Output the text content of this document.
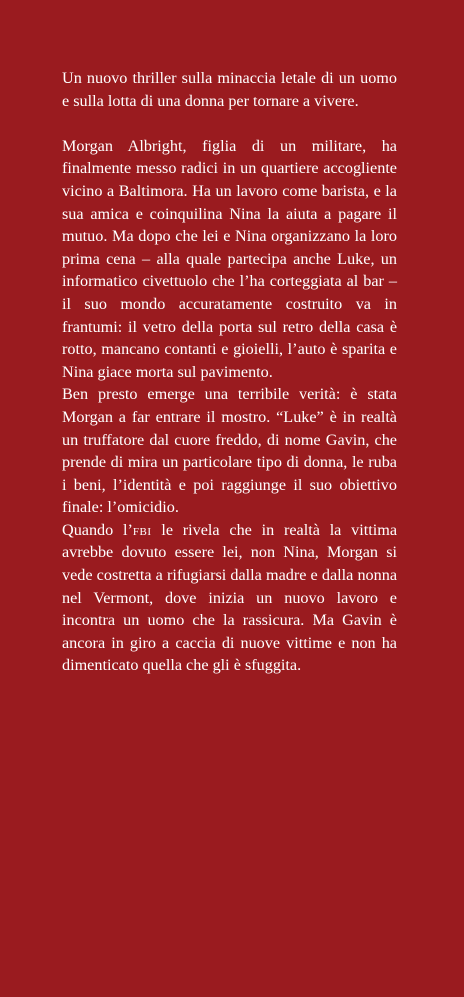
Un nuovo thriller sulla minaccia letale di un uomo e sulla lotta di una donna per tornare a vivere.

Morgan Albright, figlia di un militare, ha finalmente messo radici in un quartiere accogliente vicino a Baltimora. Ha un lavoro come barista, e la sua amica e coinquilina Nina la aiuta a pagare il mutuo. Ma dopo che lei e Nina organizzano la loro prima cena – alla quale partecipa anche Luke, un informatico civettuolo che l’ha corteggiata al bar – il suo mondo accuratamente costruito va in frantumi: il vetro della porta sul retro della casa è rotto, mancano contanti e gioielli, l’auto è sparita e Nina giace morta sul pavimento.

Ben presto emerge una terribile verità: è stata Morgan a far entrare il mostro. “Luke” è in realtà un truffatore dal cuore freddo, di nome Gavin, che prende di mira un particolare tipo di donna, le ruba i beni, l’identità e poi raggiunge il suo obiettivo finale: l’omicidio.

Quando l’fbi le rivela che in realtà la vittima avrebbe dovuto essere lei, non Nina, Morgan si vede costretta a rifugiarsi dalla madre e dalla nonna nel Vermont, dove inizia un nuovo lavoro e incontra un uomo che la rassicura. Ma Gavin è ancora in giro a caccia di nuove vittime e non ha dimenticato quella che gli è sfuggita.
